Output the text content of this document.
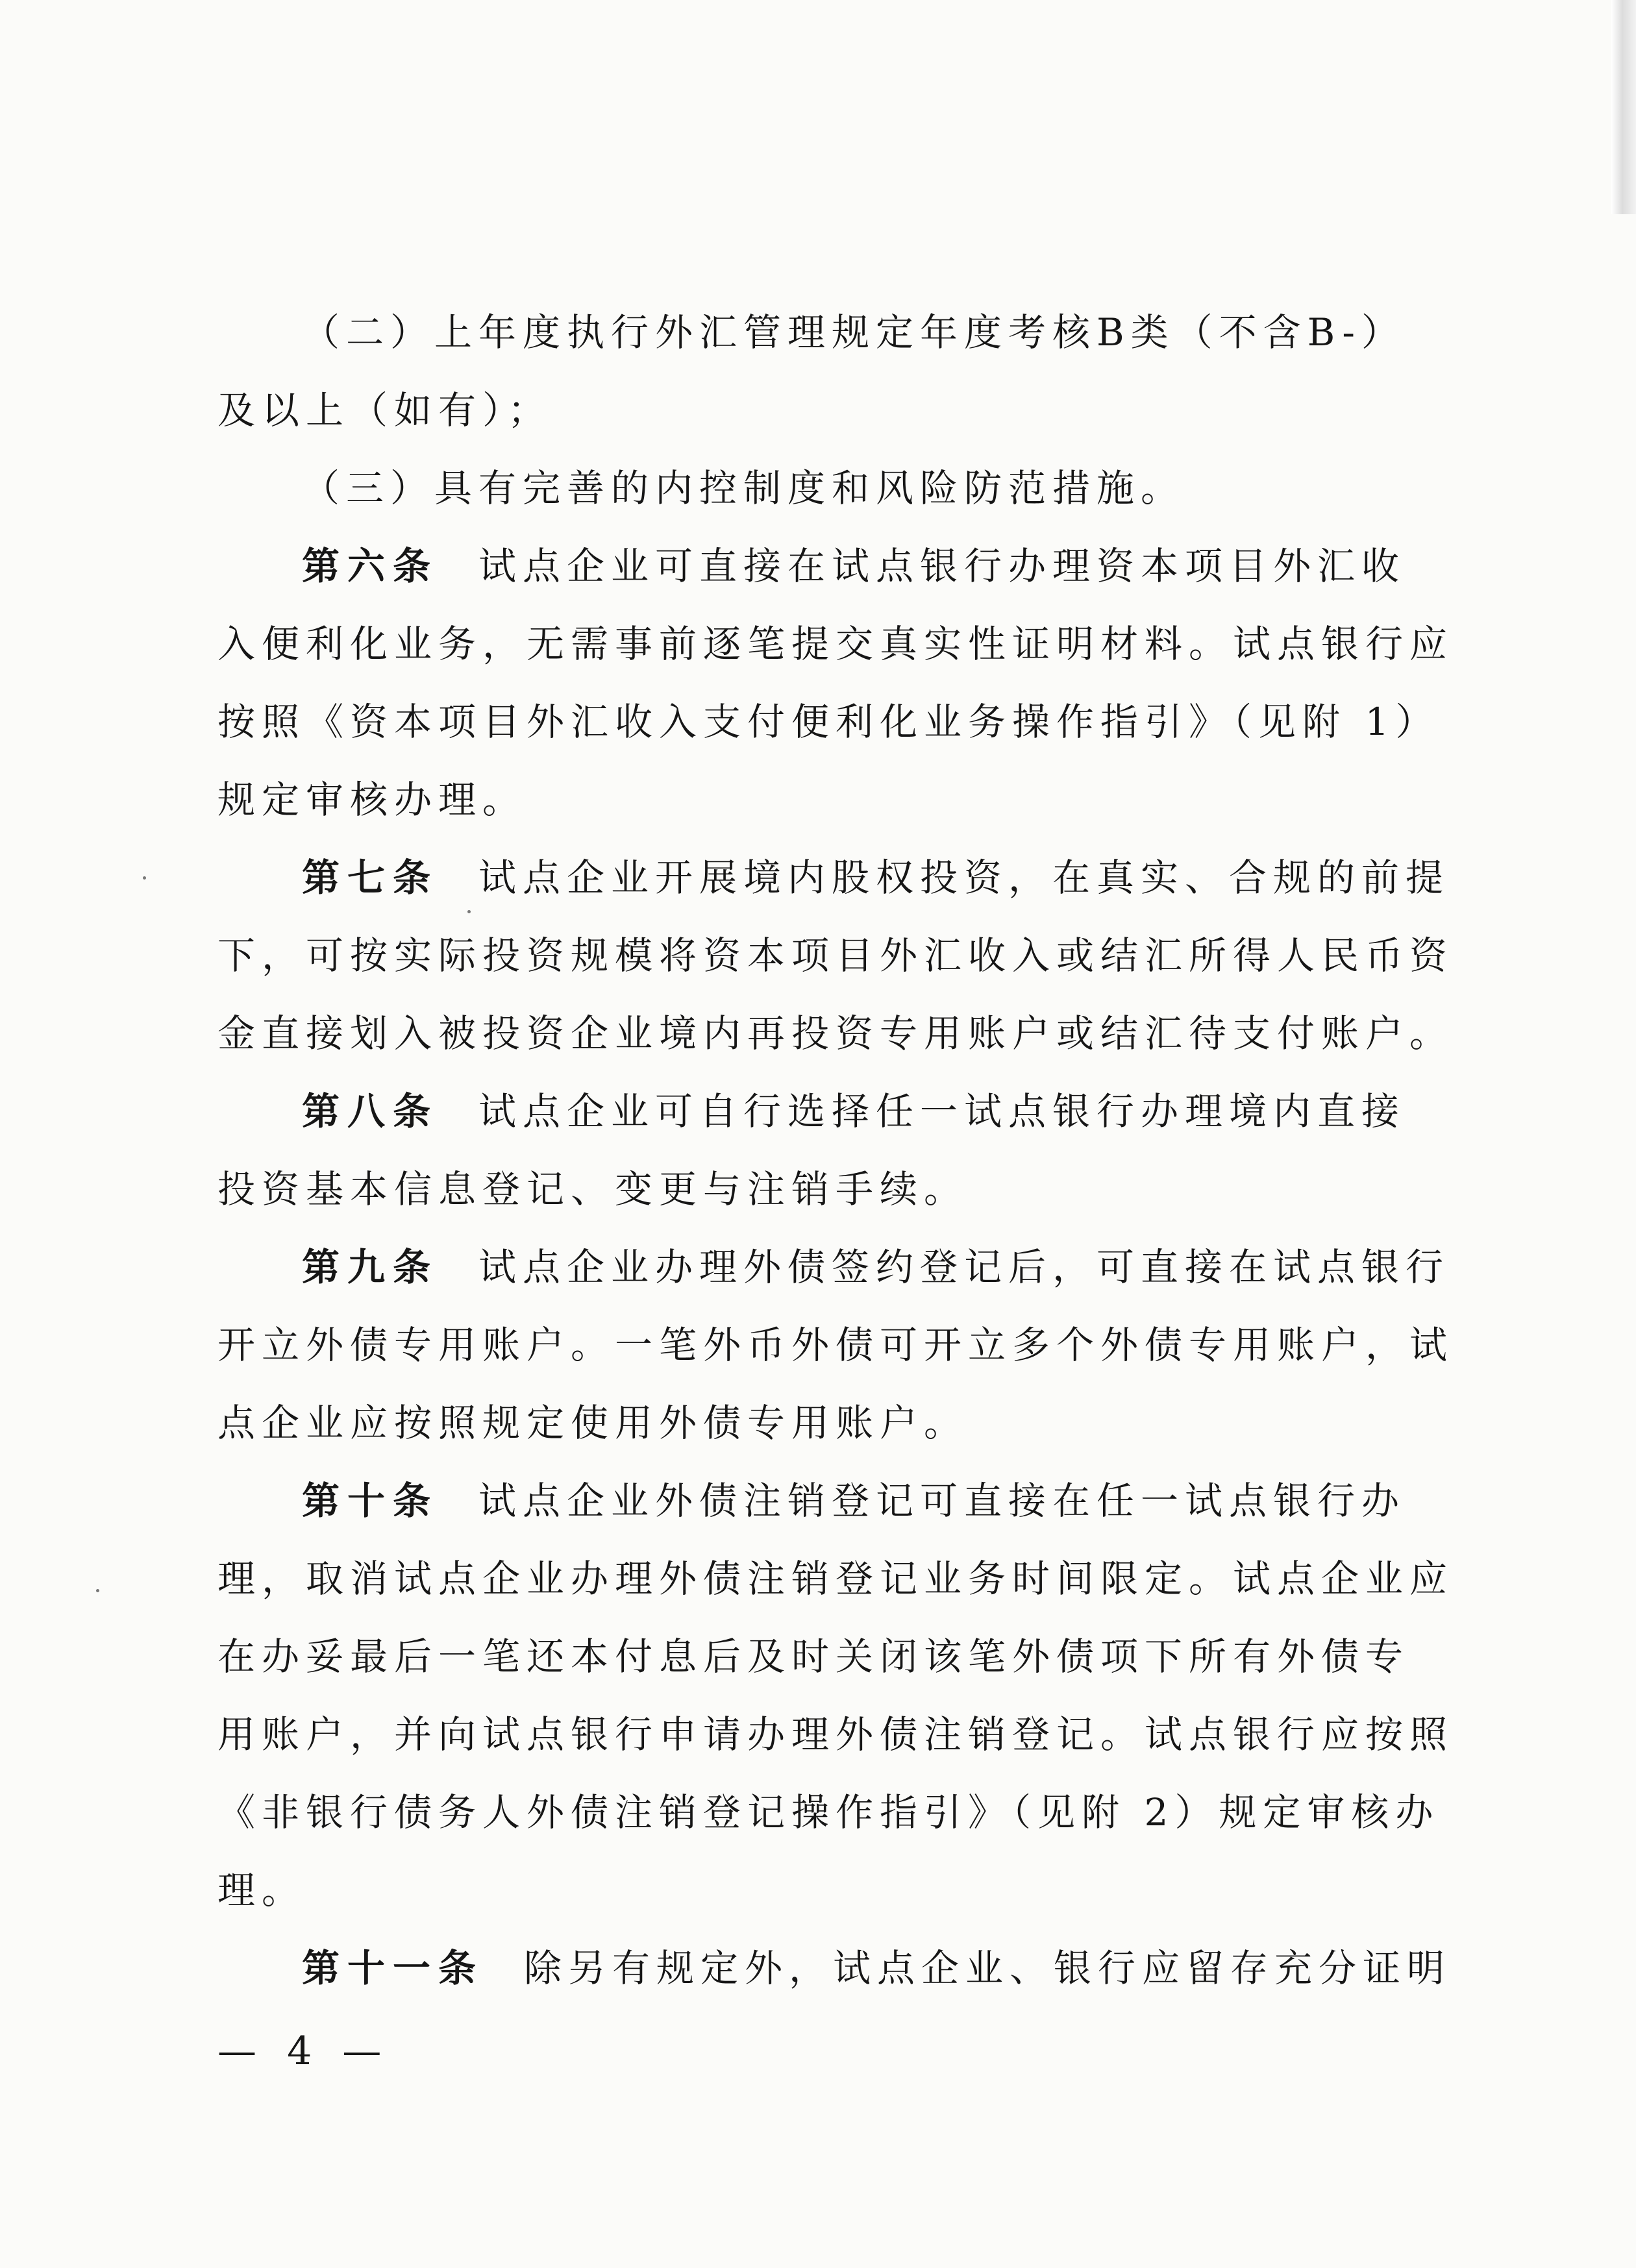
（二）上年度执行外汇管理规定年度考核B类（不含B-）
及以上（如有）；
（三）具有完善的内控制度和风险防范措施。
第六条 试点企业可直接在试点银行办理资本项目外汇收
入便利化业务，无需事前逐笔提交真实性证明材料。试点银行应
按照《资本项目外汇收入支付便利化业务操作指引》（见附 1）
规定审核办理。
第七条 试点企业开展境内股权投资，在真实、合规的前提
下，可按实际投资规模将资本项目外汇收入或结汇所得人民币资
金直接划入被投资企业境内再投资专用账户或结汇待支付账户。
第八条 试点企业可自行选择任一试点银行办理境内直接
投资基本信息登记、变更与注销手续。
第九条 试点企业办理外债签约登记后，可直接在试点银行
开立外债专用账户。一笔外币外债可开立多个外债专用账户，试
点企业应按照规定使用外债专用账户。
第十条 试点企业外债注销登记可直接在任一试点银行办
理，取消试点企业办理外债注销登记业务时间限定。试点企业应
在办妥最后一笔还本付息后及时关闭该笔外债项下所有外债专
用账户，并向试点银行申请办理外债注销登记。试点银行应按照
《非银行债务人外债注销登记操作指引》（见附 2）规定审核办
理。
第十一条 除另有规定外，试点企业、银行应留存充分证明
— 4 —
